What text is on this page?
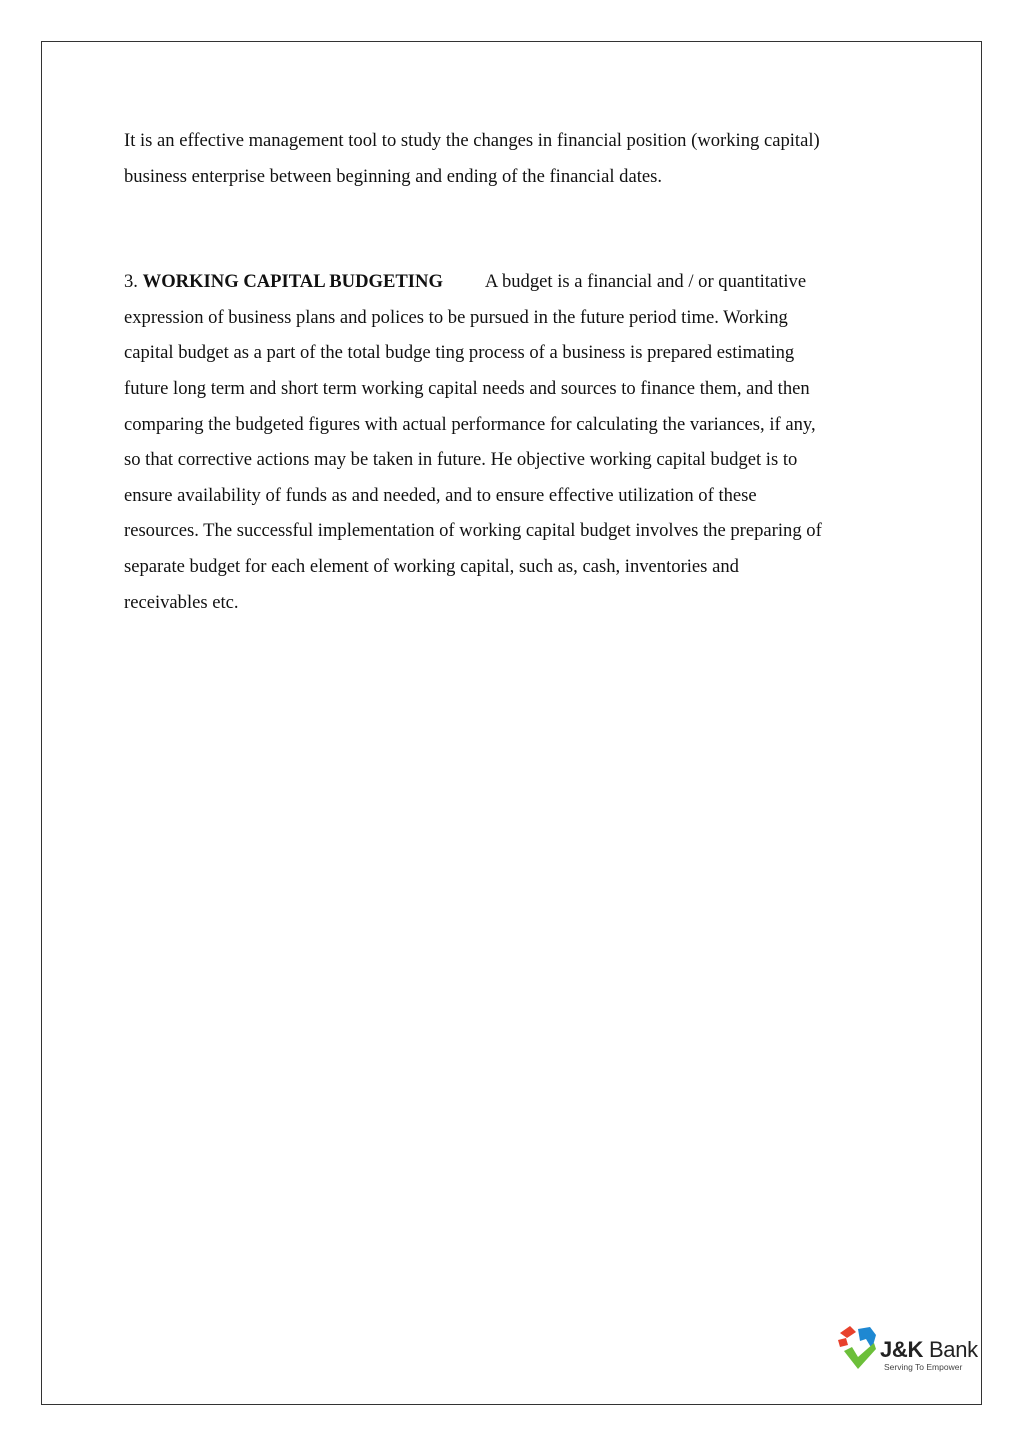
It is an effective management tool to study the changes in financial position (working capital)
business enterprise between beginning and ending of the financial dates.

3. WORKING CAPITAL BUDGETING A budget is a financial and / or quantitative
expression of business plans and polices to be pursued in the future period time. Working
capital budget as a part of the total budge ting process of a business is prepared estimating
future long term and short term working capital needs and sources to finance them, and then
comparing the budgeted figures with actual performance for calculating the variances, if any,
so that corrective actions may be taken in future. He objective working capital budget is to
ensure availability of funds as and needed, and to ensure effective utilization of these
resources. The successful implementation of working capital budget involves the preparing of
separate budget for each element of working capital, such as, cash, inventories and
receivables etc.

J&K Bank
Serving To Empower
